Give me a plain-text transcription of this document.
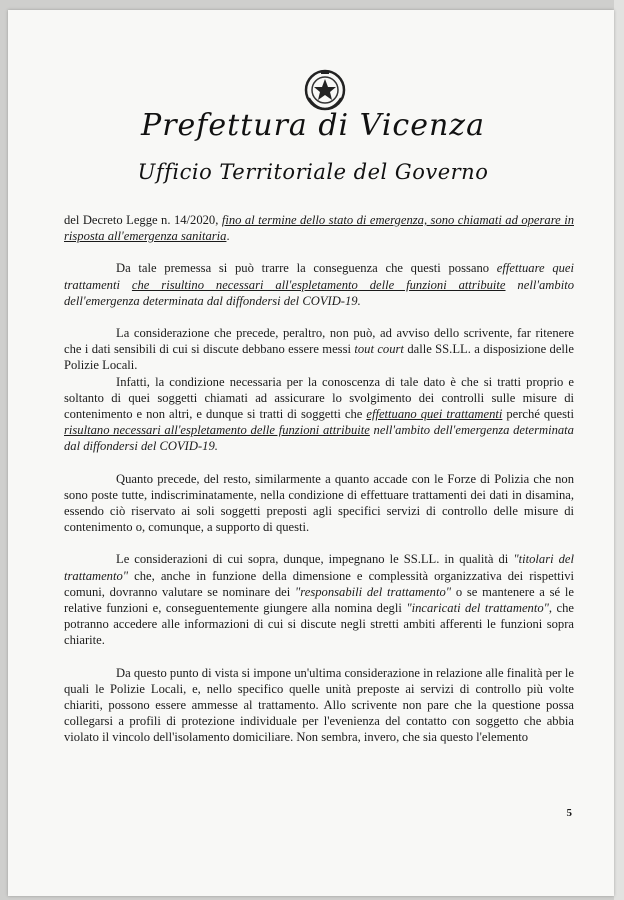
Prefettura di Vicenza
Ufficio Territoriale del Governo

del Decreto Legge n. 14/2020, fino al termine dello stato di emergenza, sono chiamati ad operare in risposta all'emergenza sanitaria.

Da tale premessa si può trarre la conseguenza che questi possano effettuare quei trattamenti che risultino necessari all'espletamento delle funzioni attribuite nell'ambito dell'emergenza determinata dal diffondersi del COVID-19.

La considerazione che precede, peraltro, non può, ad avviso dello scrivente, far ritenere che i dati sensibili di cui si discute debbano essere messi tout court dalle SS.LL. a disposizione delle Polizie Locali.

Infatti, la condizione necessaria per la conoscenza di tale dato è che si tratti proprio e soltanto di quei soggetti chiamati ad assicurare lo svolgimento dei controlli sulle misure di contenimento e non altri, e dunque si tratti di soggetti che effettuano quei trattamenti perché questi risultano necessari all'espletamento delle funzioni attribuite nell'ambito dell'emergenza determinata dal diffondersi del COVID-19.

Quanto precede, del resto, similarmente a quanto accade con le Forze di Polizia che non sono poste tutte, indiscriminatamente, nella condizione di effettuare trattamenti dei dati in disamina, essendo ciò riservato ai soli soggetti preposti agli specifici servizi di controllo delle misure di contenimento o, comunque, a supporto di questi.

Le considerazioni di cui sopra, dunque, impegnano le SS.LL. in qualità di "titolari del trattamento" che, anche in funzione della dimensione e complessità organizzativa dei rispettivi comuni, dovranno valutare se nominare dei "responsabili del trattamento" o se mantenere a sé le relative funzioni e, conseguentemente giungere alla nomina degli "incaricati del trattamento", che potranno accedere alle informazioni di cui si discute negli stretti ambiti afferenti le funzioni sopra chiarite.

Da questo punto di vista si impone un'ultima considerazione in relazione alle finalità per le quali le Polizie Locali, e, nello specifico quelle unità preposte ai servizi di controllo più volte chiariti, possono essere ammesse al trattamento. Allo scrivente non pare che la questione possa collegarsi a profili di protezione individuale per l'evenienza del contatto con soggetto che abbia violato il vincolo dell'isolamento domiciliare. Non sembra, invero, che sia questo l'elemento

5
